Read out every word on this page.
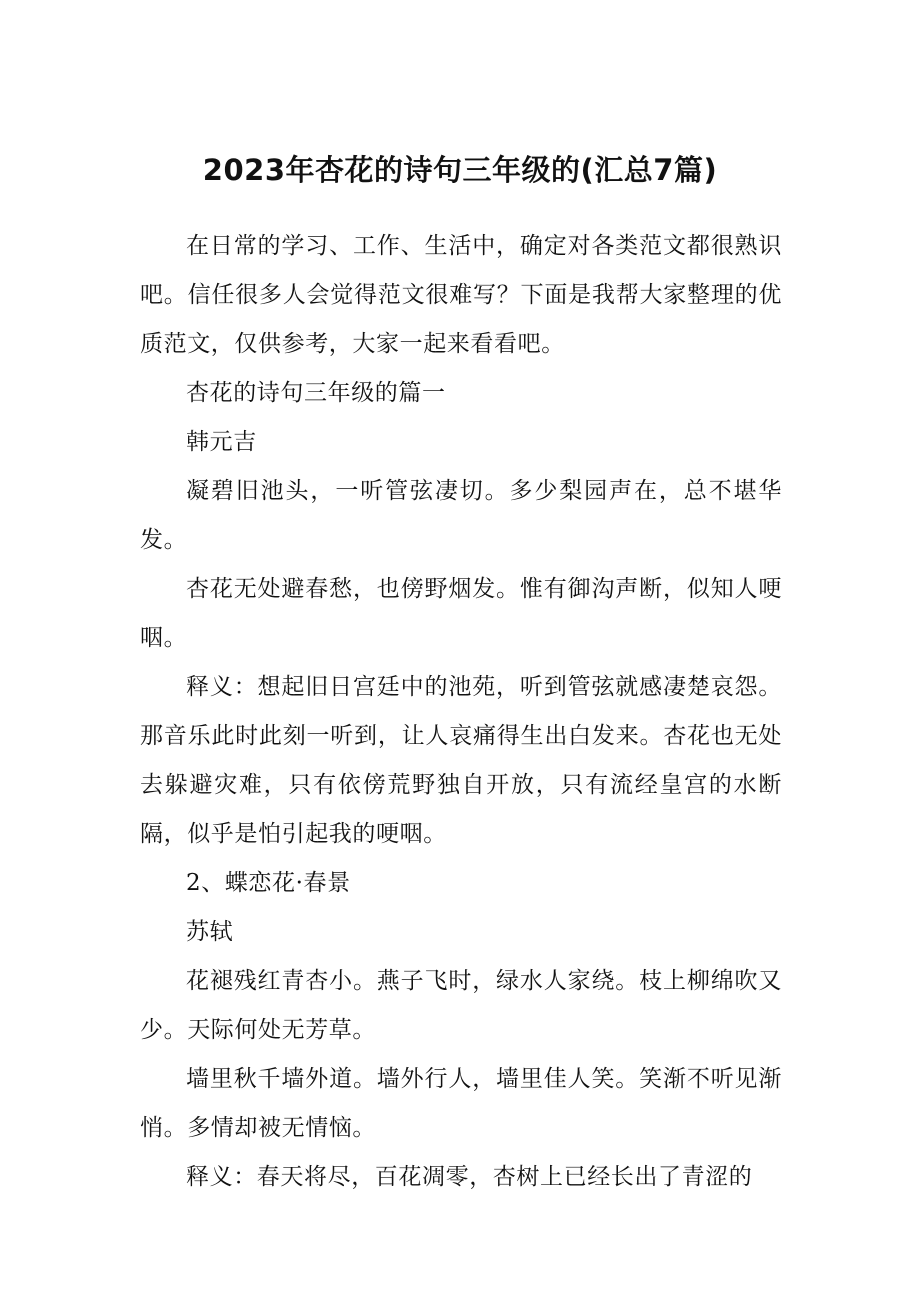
2023年杏花的诗句三年级的(汇总7篇)

在日常的学习、工作、生活中，确定对各类范文都很熟识吧。信任很多人会觉得范文很难写？下面是我帮大家整理的优质范文，仅供参考，大家一起来看看吧。

杏花的诗句三年级的篇一

韩元吉

凝碧旧池头，一听管弦凄切。多少梨园声在，总不堪华发。

杏花无处避春愁，也傍野烟发。惟有御沟声断，似知人哽咽。

释义：想起旧日宫廷中的池苑，听到管弦就感凄楚哀怨。那音乐此时此刻一听到，让人哀痛得生出白发来。杏花也无处去躲避灾难，只有依傍荒野独自开放，只有流经皇宫的水断隔，似乎是怕引起我的哽咽。

2、蝶恋花·春景

苏轼

花褪残红青杏小。燕子飞时，绿水人家绕。枝上柳绵吹又少。天际何处无芳草。

墙里秋千墙外道。墙外行人，墙里佳人笑。笑渐不听见渐悄。多情却被无情恼。

释义：春天将尽，百花凋零，杏树上已经长出了青涩的
